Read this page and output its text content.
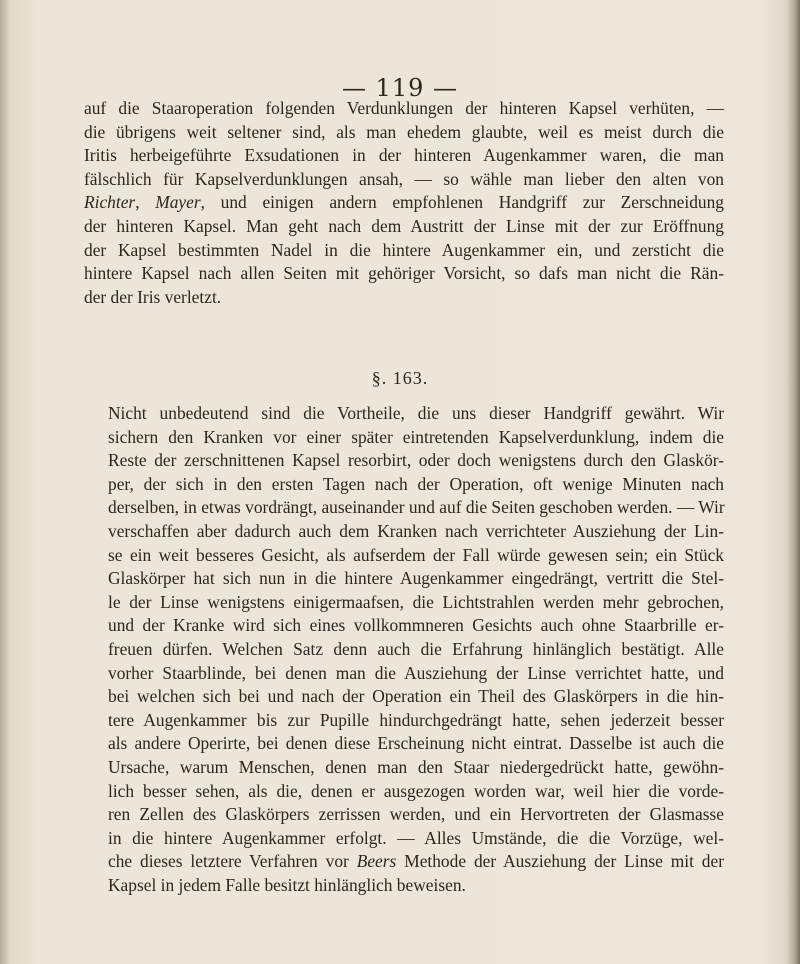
— 119 —
auf die Staaroperation folgenden Verdunklungen der hinteren Kapsel verhüten, —
die übrigens weit seltener sind, als man ehedem glaubte, weil es meist durch die
Iritis herbeigeführte Exsudationen in der hinteren Augenkammer waren, die man
fälschlich für Kapselverdunklungen ansah, — so wähle man lieber den alten von
Richter, Mayer, und einigen andern empfohlenen Handgriff zur Zerschneidung
der hinteren Kapsel. Man geht nach dem Austritt der Linse mit der zur Eröffnung
der Kapsel bestimmten Nadel in die hintere Augenkammer ein, und zersticht die
hintere Kapsel nach allen Seiten mit gehöriger Vorsicht, so dafs man nicht die Rän-
der der Iris verletzt.
§. 163.
Nicht unbedeutend sind die Vortheile, die uns dieser Handgriff gewährt. Wir
sichern den Kranken vor einer später eintretenden Kapselverdunklung, indem die
Reste der zerschnittenen Kapsel resorbirt, oder doch wenigstens durch den Glaskör-
per, der sich in den ersten Tagen nach der Operation, oft wenige Minuten nach
derselben, in etwas vordrängt, auseinander und auf die Seiten geschoben werden. — Wir
verschaffen aber dadurch auch dem Kranken nach verrichteter Ausziehung der Lin-
se ein weit besseres Gesicht, als aufserdem der Fall würde gewesen sein; ein Stück
Glaskörper hat sich nun in die hintere Augenkammer eingedrängt, vertritt die Stel-
le der Linse wenigstens einigermaafsen, die Lichtstrahlen werden mehr gebrochen,
und der Kranke wird sich eines vollkommneren Gesichts auch ohne Staarbrille er-
freuen dürfen. Welchen Satz denn auch die Erfahrung hinlänglich bestätigt. Alle
vorher Staarblinde, bei denen man die Ausziehung der Linse verrichtet hatte, und
bei welchen sich bei und nach der Operation ein Theil des Glaskörpers in die hin-
tere Augenkammer bis zur Pupille hindurchgedrängt hatte, sehen jederzeit besser
als andere Operirte, bei denen diese Erscheinung nicht eintrat. Dasselbe ist auch die
Ursache, warum Menschen, denen man den Staar niedergedrückt hatte, gewöhn-
lich besser sehen, als die, denen er ausgezogen worden war, weil hier die vorde-
ren Zellen des Glaskörpers zerrissen werden, und ein Hervortreten der Glasmasse
in die hintere Augenkammer erfolgt. — Alles Umstände, die die Vorzüge, wel-
che dieses letztere Verfahren vor Beers Methode der Ausziehung der Linse mit der
Kapsel in jedem Falle besitzt hinlänglich beweisen.
